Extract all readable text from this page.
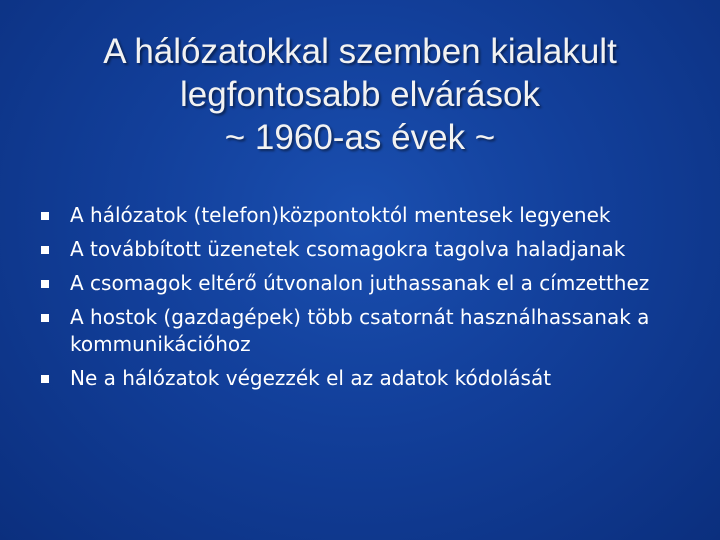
A hálózatokkal szemben kialakult
legfontosabb elvárások
~ 1960-as évek ~
A hálózatok (telefon)központoktól mentesek legyenek
A továbbított üzenetek csomagokra tagolva haladjanak
A csomagok eltérő útvonalon juthassanak el a címzetthez
A hostok (gazdagépek) több csatornát használhassanak a kommunikációhoz
Ne a hálózatok végezzék el az adatok kódolását
